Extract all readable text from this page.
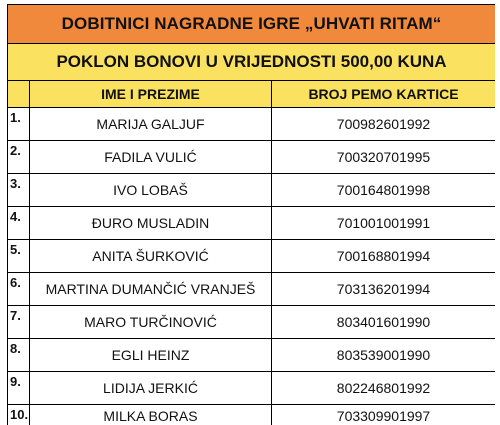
DOBITNICI NAGRADNE IGRE „UHVATI RITAM“		
POKLON BONOVI U VRIJEDNOSTI 500,00 KUNA		
	IME I PREZIME	BROJ PEMO KARTICE
1.	MARIJA GALJUF	700982601992
2.	FADILA VULIĆ	700320701995
3.	IVO LOBAŠ	700164801998
4.	ĐURO MUSLADIN	701001001991
5.	ANITA ŠURKOVIĆ	700168801994
6.	MARTINA DUMANČIĆ VRANJEŠ	703136201994
7.	MARO TURČINOVIĆ	803401601990
8.	EGLI HEINZ	803539001990
9.	LIDIJA JERKIĆ	802246801992
10.	MILKA BORAS	703309901997
